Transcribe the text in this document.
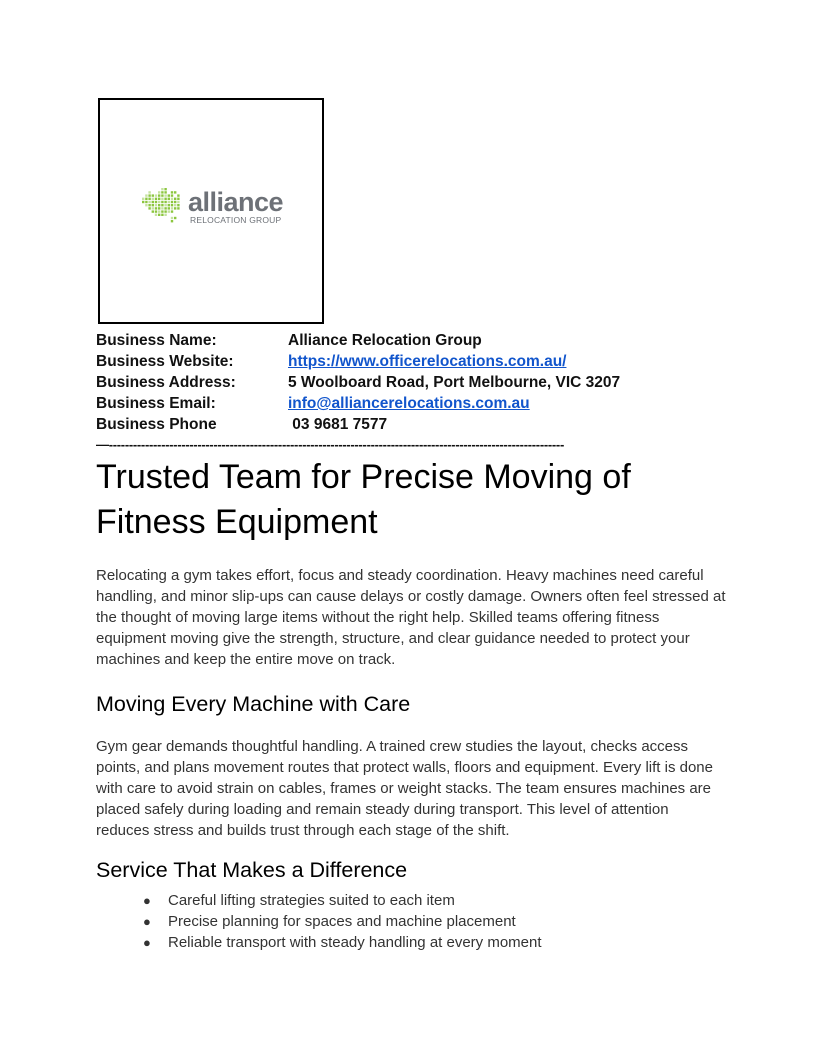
alliance
RELOCATION GROUP
Business Name:	Alliance Relocation Group
Business Website:	https://www.officerelocations.com.au/
Business Address:	5 Woolboard Road, Port Melbourne, VIC 3207
Business Email:	info@alliancerelocations.com.au
Business Phone	03 9681 7577
—-----------------------------------------------------------------------------------------------------------------
Trusted Team for Precise Moving of Fitness Equipment

Relocating a gym takes effort, focus and steady coordination. Heavy machines need careful handling, and minor slip-ups can cause delays or costly damage. Owners often feel stressed at the thought of moving large items without the right help. Skilled teams offering fitness equipment moving give the strength, structure, and clear guidance needed to protect your machines and keep the entire move on track.

Moving Every Machine with Care

Gym gear demands thoughtful handling. A trained crew studies the layout, checks access points, and plans movement routes that protect walls, floors and equipment. Every lift is done with care to avoid strain on cables, frames or weight stacks. The team ensures machines are placed safely during loading and remain steady during transport. This level of attention reduces stress and builds trust through each stage of the shift.

Service That Makes a Difference
● Careful lifting strategies suited to each item
● Precise planning for spaces and machine placement
● Reliable transport with steady handling at every moment
